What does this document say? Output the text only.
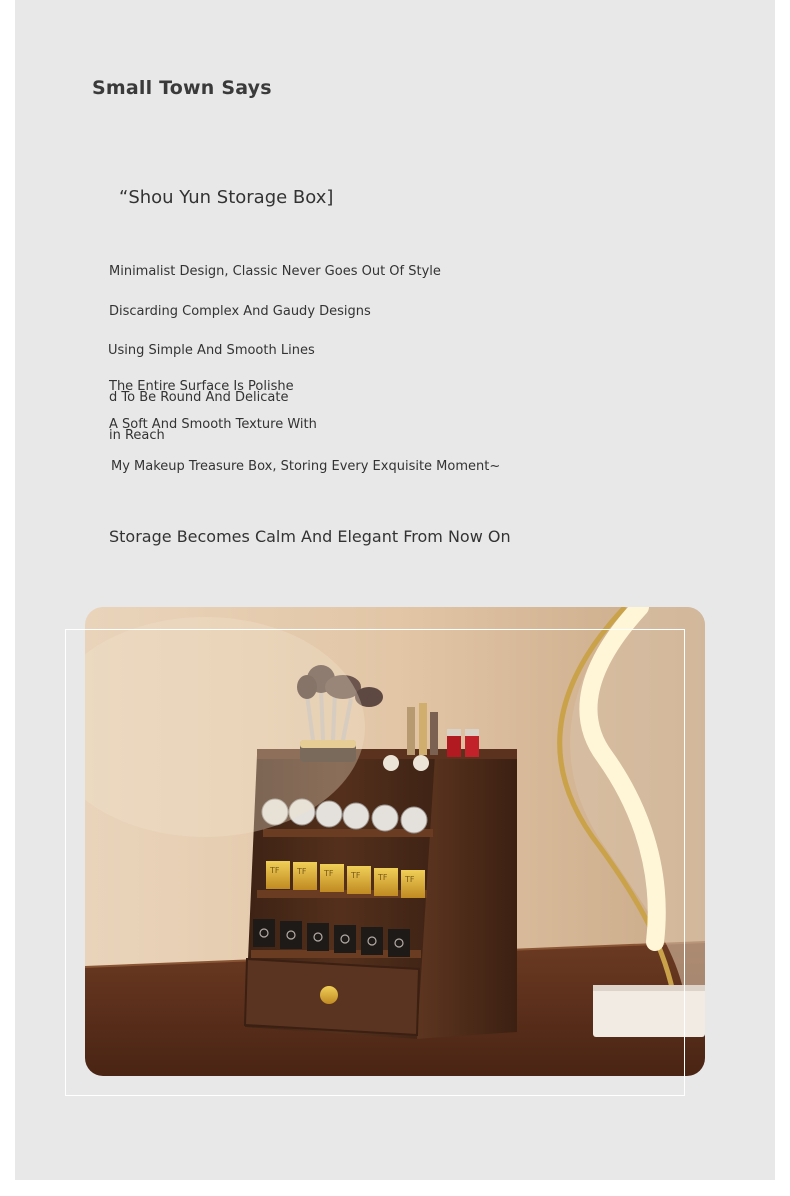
Small Town Says
“Shou Yun Storage Box]
Minimalist Design, Classic Never Goes Out Of Style
Discarding Complex And Gaudy Designs
Using Simple And Smooth Lines
The Entire Surface Is Polishe
d To Be Round And Delicate
A Soft And Smooth Texture With
in Reach
My Makeup Treasure Box, Storing Every Exquisite Moment~
Storage Becomes Calm And Elegant From Now On
TF TF TF TF TF TF
